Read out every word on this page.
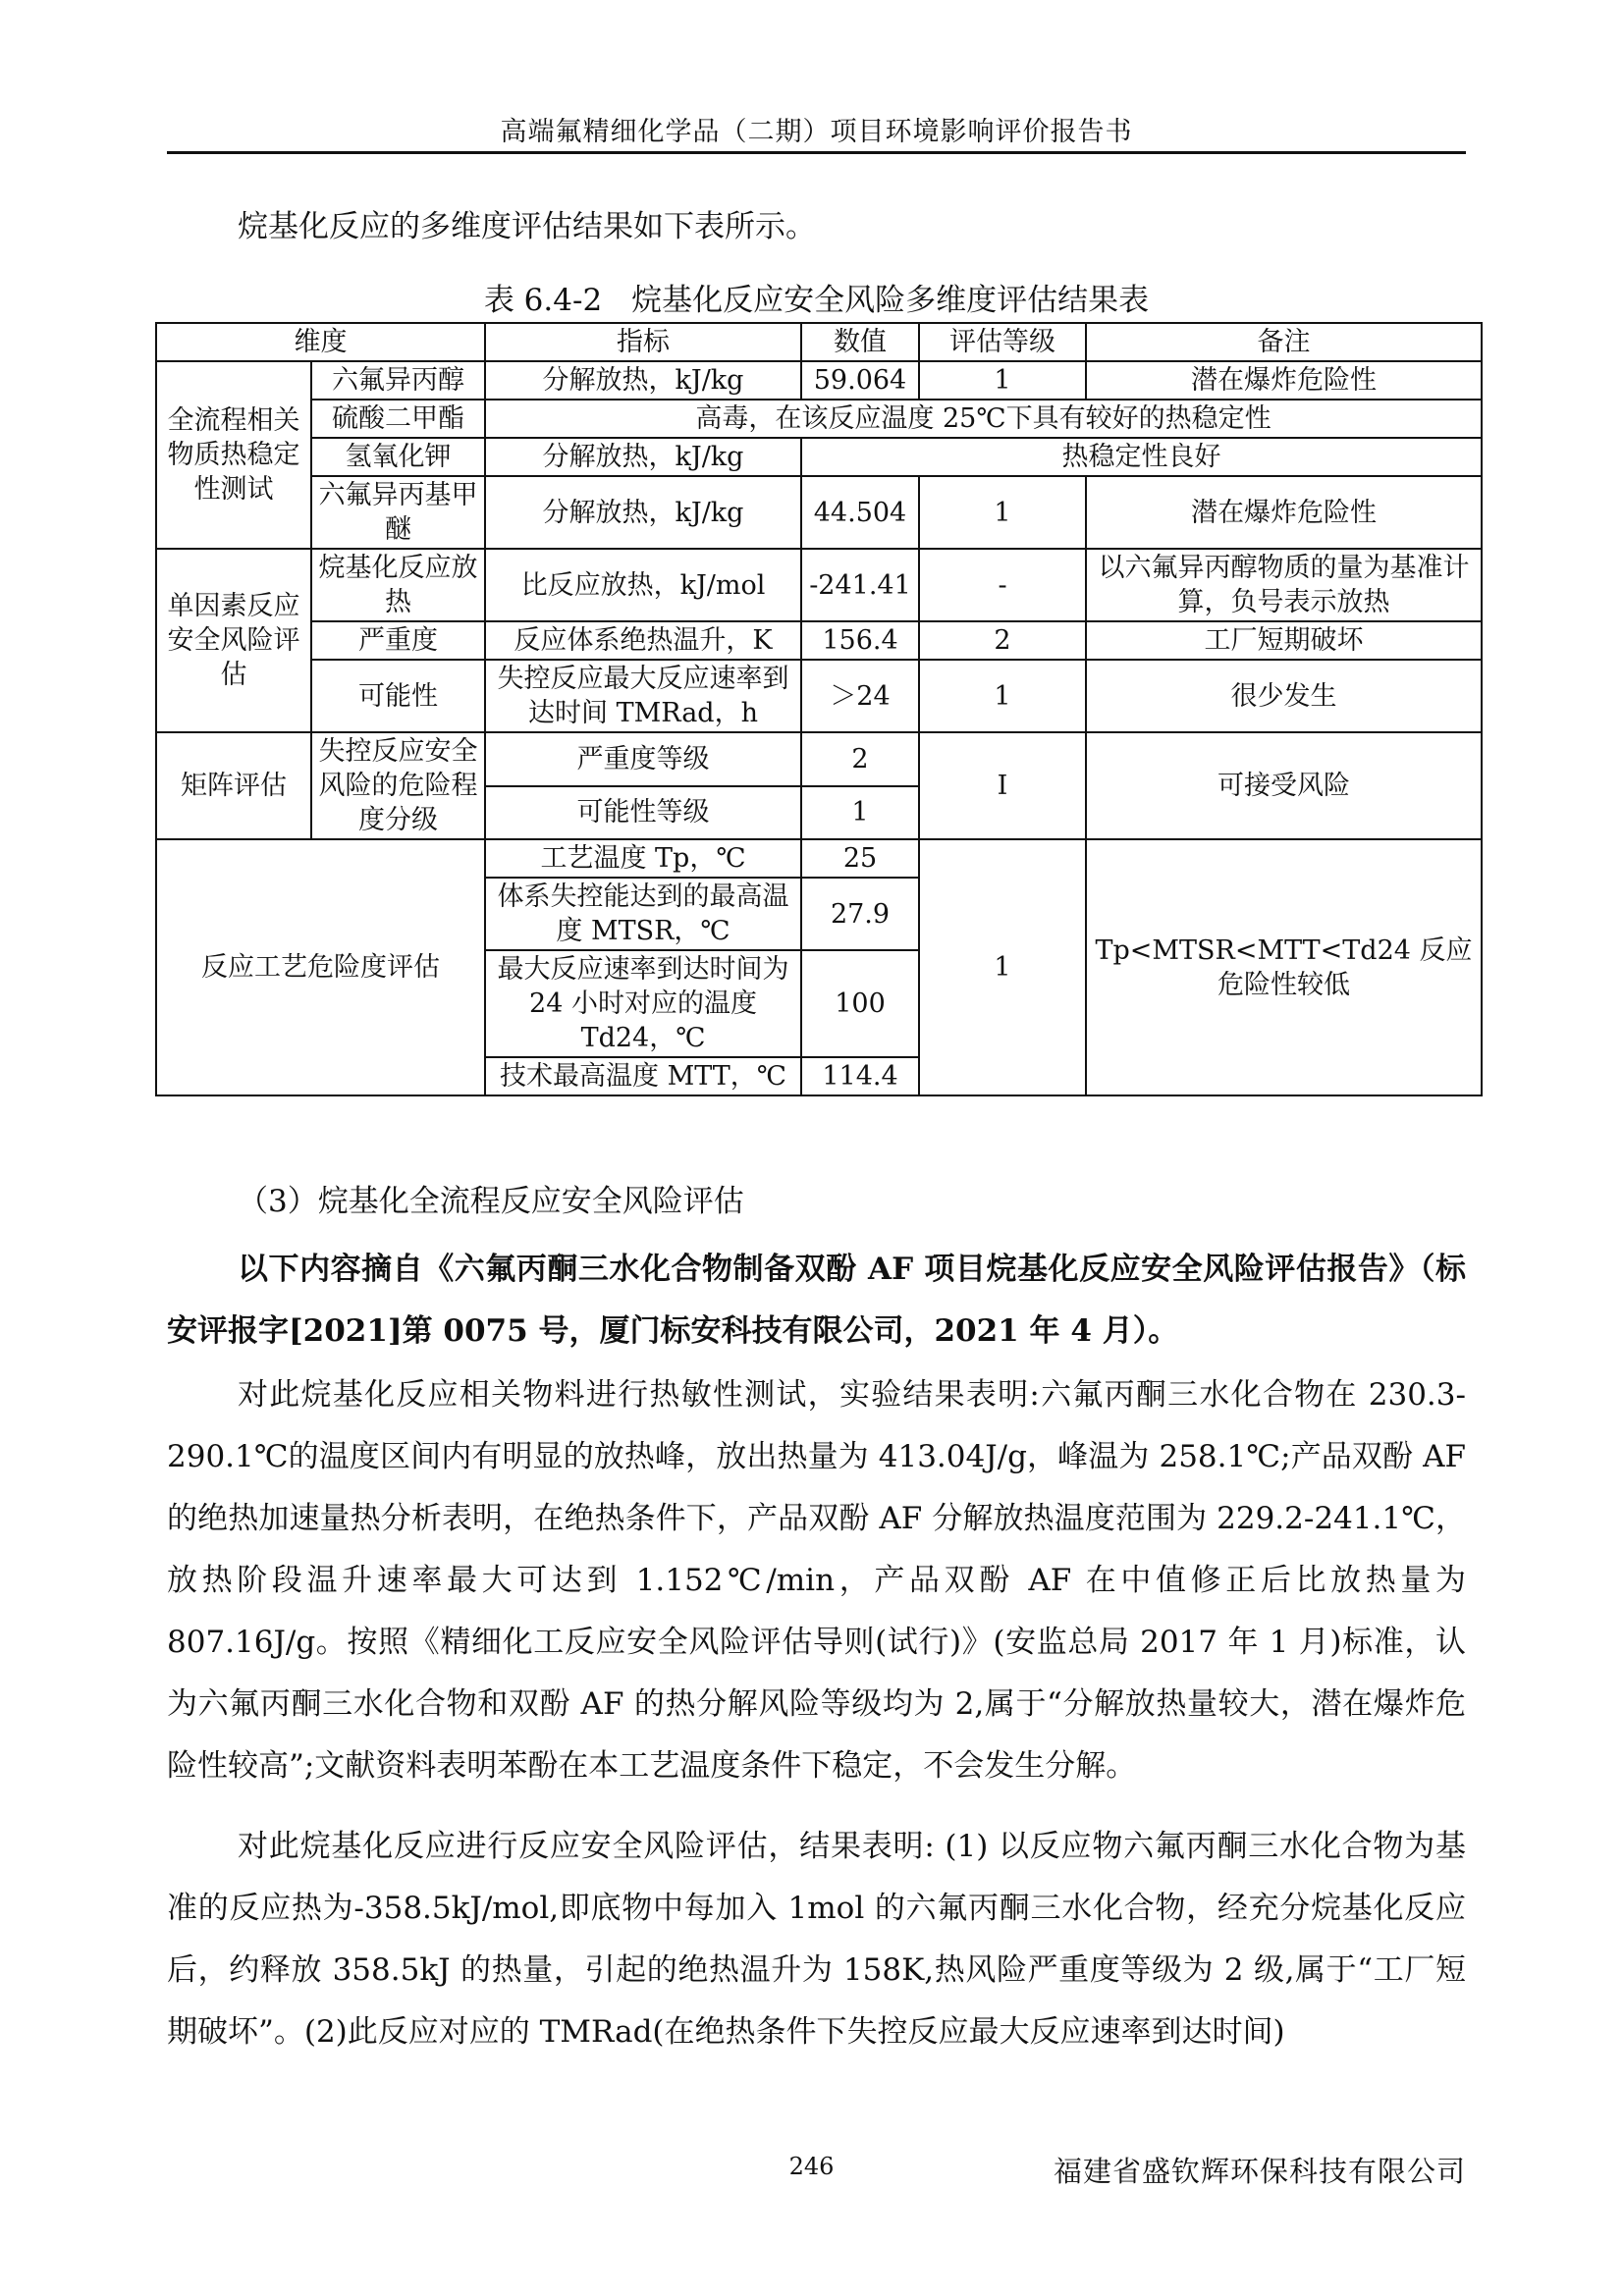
高端氟精细化学品（二期）项目环境影响评价报告书
烷基化反应的多维度评估结果如下表所示。
表 6.4-2 烷基化反应安全风险多维度评估结果表
维度		指标	数值	评估等级	备注
全流程相关物质热稳定性测试	六氟异丙醇	分解放热，kJ/kg	59.064	1	潜在爆炸危险性
	硫酸二甲酯	高毒，在该反应温度 25℃下具有较好的热稳定性			
	氢氧化钾	分解放热，kJ/kg	热稳定性良好		
	六氟异丙基甲醚	分解放热，kJ/kg	44.504	1	潜在爆炸危险性
单因素反应安全风险评估	烷基化反应放热	比反应放热，kJ/mol	-241.41	-	以六氟异丙醇物质的量为基准计算，负号表示放热
	严重度	反应体系绝热温升，K	156.4	2	工厂短期破坏
	可能性	失控反应最大反应速率到达时间 TMRad，h	＞24	1	很少发生
矩阵评估	失控反应安全风险的危险程度分级	严重度等级	2	I	可接受风险
		可能性等级	1		
反应工艺危险度评估		工艺温度 Tp，℃	25	1	Tp<MTSR<MTT<Td24 反应危险性较低
		体系失控能达到的最高温度 MTSR，℃	27.9		
		最大反应速率到达时间为 24 小时对应的温度 Td24，℃	100		
		技术最高温度 MTT，℃	114.4		
（3）烷基化全流程反应安全风险评估
以下内容摘自《六氟丙酮三水化合物制备双酚 AF 项目烷基化反应安全风险评估报告》（标安评报字[2021]第 0075 号，厦门标安科技有限公司，2021 年 4 月）。
对此烷基化反应相关物料进行热敏性测试，实验结果表明:六氟丙酮三水化合物在 230.3-290.1℃的温度区间内有明显的放热峰，放出热量为 413.04J/g，峰温为 258.1℃;产品双酚 AF 的绝热加速量热分析表明，在绝热条件下，产品双酚 AF 分解放热温度范围为 229.2-241.1℃，放热阶段温升速率最大可达到 1.152℃/min，产品双酚 AF 在中值修正后比放热量为 807.16J/g。按照《精细化工反应安全风险评估导则(试行)》(安监总局 2017 年 1 月)标准，认为六氟丙酮三水化合物和双酚 AF 的热分解风险等级均为 2,属于“分解放热量较大，潜在爆炸危险性较高”;文献资料表明苯酚在本工艺温度条件下稳定，不会发生分解。
对此烷基化反应进行反应安全风险评估，结果表明: (1) 以反应物六氟丙酮三水化合物为基准的反应热为-358.5kJ/mol,即底物中每加入 1mol 的六氟丙酮三水化合物，经充分烷基化反应后，约释放 358.5kJ 的热量，引起的绝热温升为 158K,热风险严重度等级为 2 级,属于“工厂短期破坏”。(2)此反应对应的 TMRad(在绝热条件下失控反应最大反应速率到达时间)
246	福建省盛钦辉环保科技有限公司
